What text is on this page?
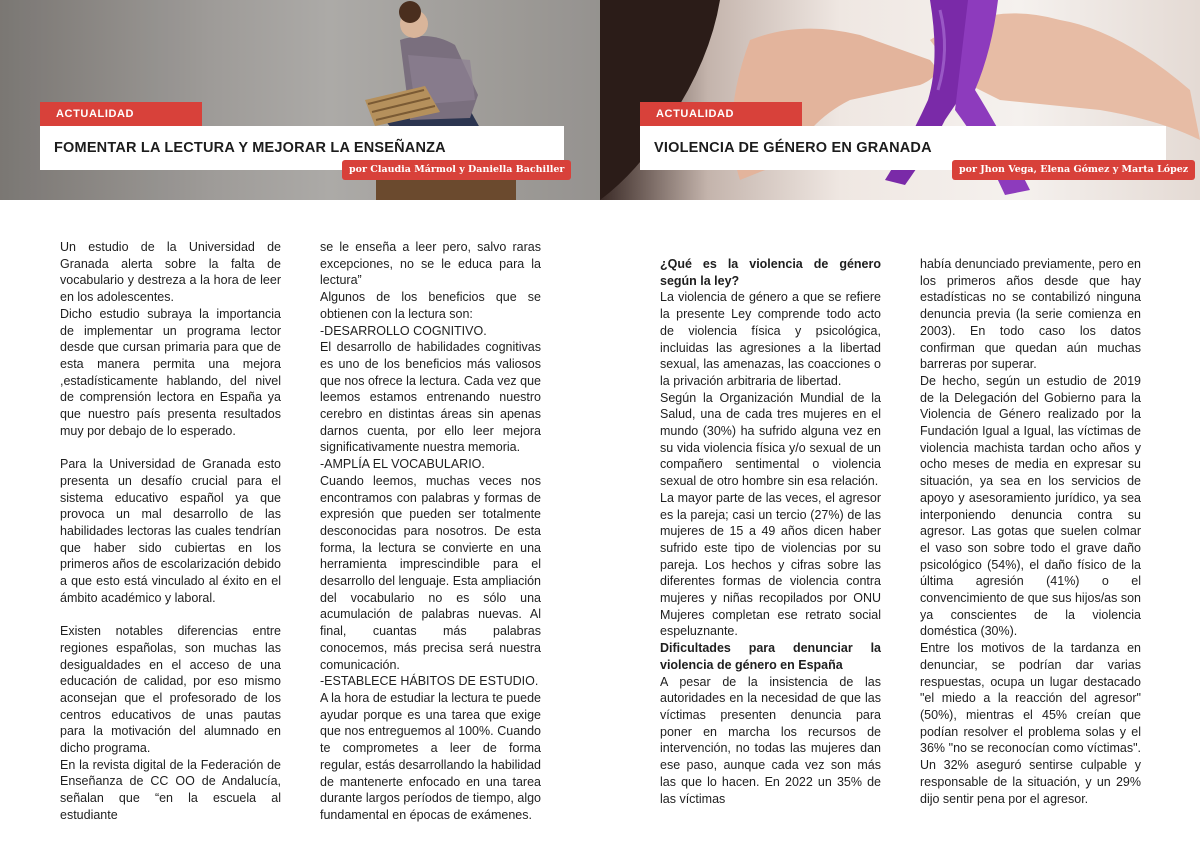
ACTUALIDAD
FOMENTAR LA LECTURA Y MEJORAR LA ENSEÑANZA
por Claudia Mármol y Daniella Bachiller

Un estudio de la Universidad de Granada alerta sobre la falta de vocabulario y destreza a la hora de leer en los adolescentes.

Dicho estudio subraya la importancia de implementar un programa lector desde que cursan primaria para que de esta manera permita una mejora ,estadísticamente hablando, del nivel de comprensión lectora en España ya que nuestro país presenta resultados muy por debajo de lo esperado.

Para la Universidad de Granada esto presenta un desafío crucial para el sistema educativo español ya que provoca un mal desarrollo de las habilidades lectoras las cuales tendrían que haber sido cubiertas en los primeros años de escolarización debido a que esto está vinculado al éxito en el ámbito académico y laboral.

Existen notables diferencias entre regiones españolas, son muchas las desigualdades en el acceso de una educación de calidad, por eso mismo aconsejan que el profesorado de los centros educativos de unas pautas para la motivación del alumnado en dicho programa.

En la revista digital de la Federación de Enseñanza de CC OO de Andalucía, señalan que “en la escuela al estudiante

se le enseña a leer pero, salvo raras excepciones, no se le educa para la lectura”

Algunos de los beneficios que se obtienen con la lectura son:

-DESARROLLO COGNITIVO.

El desarrollo de habilidades cognitivas es uno de los beneficios más valiosos que nos ofrece la lectura. Cada vez que leemos estamos entrenando nuestro cerebro en distintas áreas sin apenas darnos cuenta, por ello leer mejora significativamente nuestra memoria.

-AMPLÍA EL VOCABULARIO.

Cuando leemos, muchas veces nos encontramos con palabras y formas de expresión que pueden ser totalmente desconocidas para nosotros. De esta forma, la lectura se convierte en una herramienta imprescindible para el desarrollo del lenguaje. Esta ampliación del vocabulario no es sólo una acumulación de palabras nuevas. Al final, cuantas más palabras conocemos, más precisa será nuestra comunicación.

-ESTABLECE HÁBITOS DE ESTUDIO.

A la hora de estudiar la lectura te puede ayudar porque es una tarea que exige que nos entreguemos al 100%. Cuando te comprometes a leer de forma regular, estás desarrollando la habilidad de mantenerte enfocado en una tarea durante largos períodos de tiempo, algo fundamental en épocas de exámenes.

ACTUALIDAD
VIOLENCIA DE GÉNERO EN GRANADA
por Jhon Vega, Elena Gómez y Marta López

¿Qué es la violencia de género según la ley?

La violencia de género a que se refiere la presente Ley comprende todo acto de violencia física y psicológica, incluidas las agresiones a la libertad sexual, las amenazas, las coacciones o la privación arbitraria de libertad.

Según la Organización Mundial de la Salud, una de cada tres mujeres en el mundo (30%) ha sufrido alguna vez en su vida violencia física y/o sexual de un compañero sentimental o violencia sexual de otro hombre sin esa relación.

La mayor parte de las veces, el agresor es la pareja; casi un tercio (27%) de las mujeres de 15 a 49 años dicen haber sufrido este tipo de violencias por su pareja. Los hechos y cifras sobre las diferentes formas de violencia contra mujeres y niñas recopilados por ONU Mujeres completan ese retrato social espeluznante.

Dificultades para denunciar la violencia de género en España

A pesar de la insistencia de las autoridades en la necesidad de que las víctimas presenten denuncia para poner en marcha los recursos de intervención, no todas las mujeres dan ese paso, aunque cada vez son más las que lo hacen. En 2022 un 35% de las víctimas

había denunciado previamente, pero en los primeros años desde que hay estadísticas no se contabilizó ninguna denuncia previa (la serie comienza en 2003). En todo caso los datos confirman que quedan aún muchas barreras por superar.

De hecho, según un estudio de 2019 de la Delegación del Gobierno para la Violencia de Género realizado por la Fundación Igual a Igual, las víctimas de violencia machista tardan ocho años y ocho meses de media en expresar su situación, ya sea en los servicios de apoyo y asesoramiento jurídico, ya sea interponiendo denuncia contra su agresor. Las gotas que suelen colmar el vaso son sobre todo el grave daño psicológico (54%), el daño físico de la última agresión (41%) o el convencimiento de que sus hijos/as son ya conscientes de la violencia doméstica (30%).

Entre los motivos de la tardanza en denunciar, se podrían dar varias respuestas, ocupa un lugar destacado "el miedo a la reacción del agresor" (50%), mientras el 45% creían que podían resolver el problema solas y el 36% "no se reconocían como víctimas". Un 32% aseguró sentirse culpable y responsable de la situación, y un 29% dijo sentir pena por el agresor.
